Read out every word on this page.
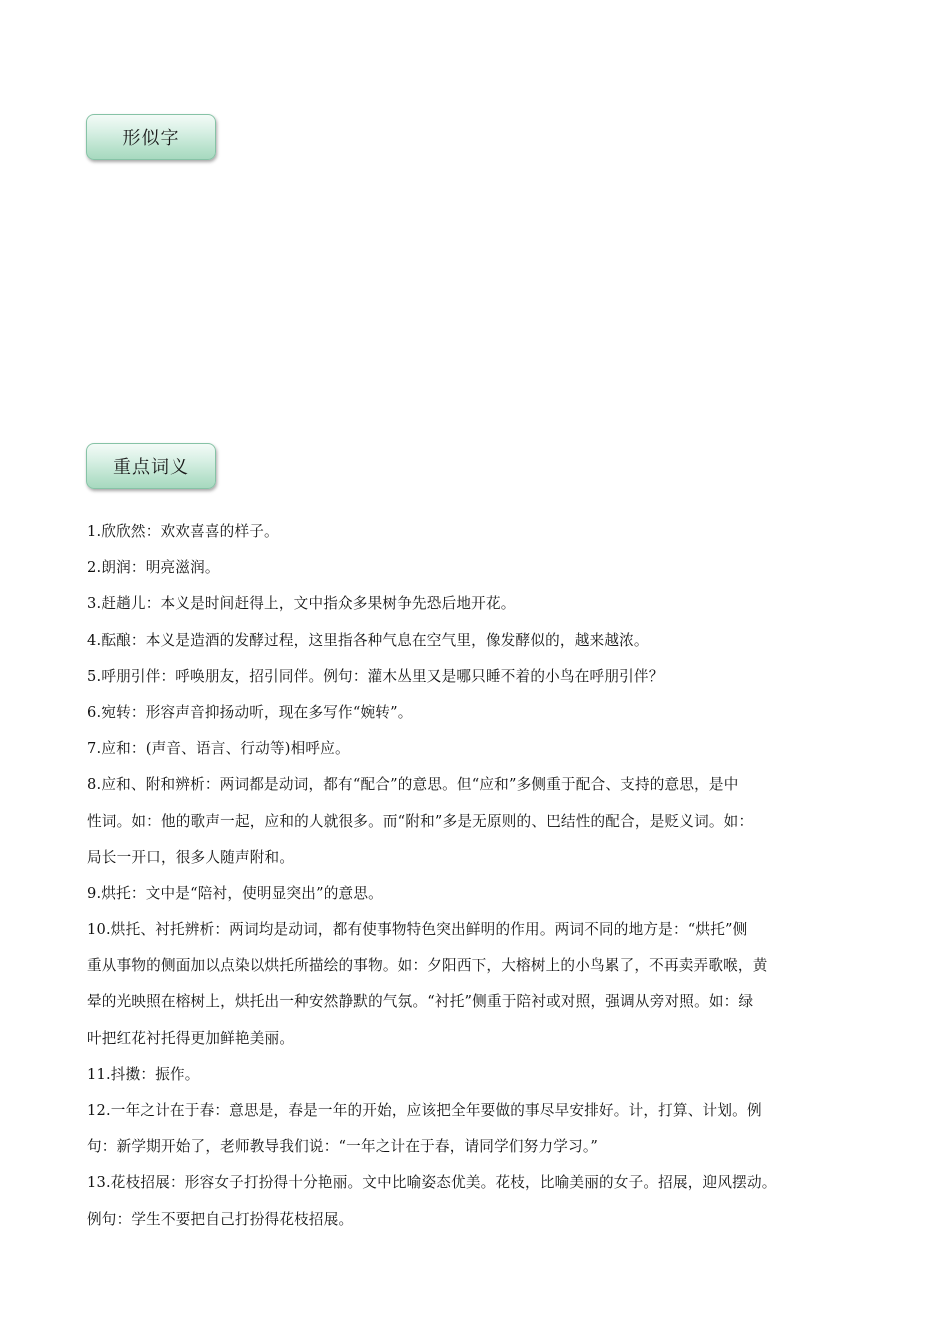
形似字
重点词义
1.欣欣然：欢欢喜喜的样子。
2.朗润：明亮滋润。
3.赶趟儿：本义是时间赶得上，文中指众多果树争先恐后地开花。
4.酝酿：本义是造酒的发酵过程，这里指各种气息在空气里，像发酵似的，越来越浓。
5.呼朋引伴：呼唤朋友，招引同伴。例句：灌木丛里又是哪只睡不着的小鸟在呼朋引伴？
6.宛转：形容声音抑扬动听，现在多写作“婉转”。
7.应和：(声音、语言、行动等)相呼应。
8.应和、附和辨析：两词都是动词，都有“配合”的意思。但“应和”多侧重于配合、支持的意思，是中
性词。如：他的歌声一起，应和的人就很多。而“附和”多是无原则的、巴结性的配合，是贬义词。如：
局长一开口，很多人随声附和。
9.烘托：文中是“陪衬，使明显突出”的意思。
10.烘托、衬托辨析：两词均是动词，都有使事物特色突出鲜明的作用。两词不同的地方是：“烘托”侧
重从事物的侧面加以点染以烘托所描绘的事物。如：夕阳西下，大榕树上的小鸟累了，不再卖弄歌喉，黄
晕的光映照在榕树上，烘托出一种安然静默的气氛。“衬托”侧重于陪衬或对照，强调从旁对照。如：绿
叶把红花衬托得更加鲜艳美丽。
11.抖擞：振作。
12.一年之计在于春：意思是，春是一年的开始，应该把全年要做的事尽早安排好。计，打算、计划。例
句：新学期开始了，老师教导我们说：“一年之计在于春，请同学们努力学习。”
13.花枝招展：形容女子打扮得十分艳丽。文中比喻姿态优美。花枝，比喻美丽的女子。招展，迎风摆动。
例句：学生不要把自己打扮得花枝招展。
